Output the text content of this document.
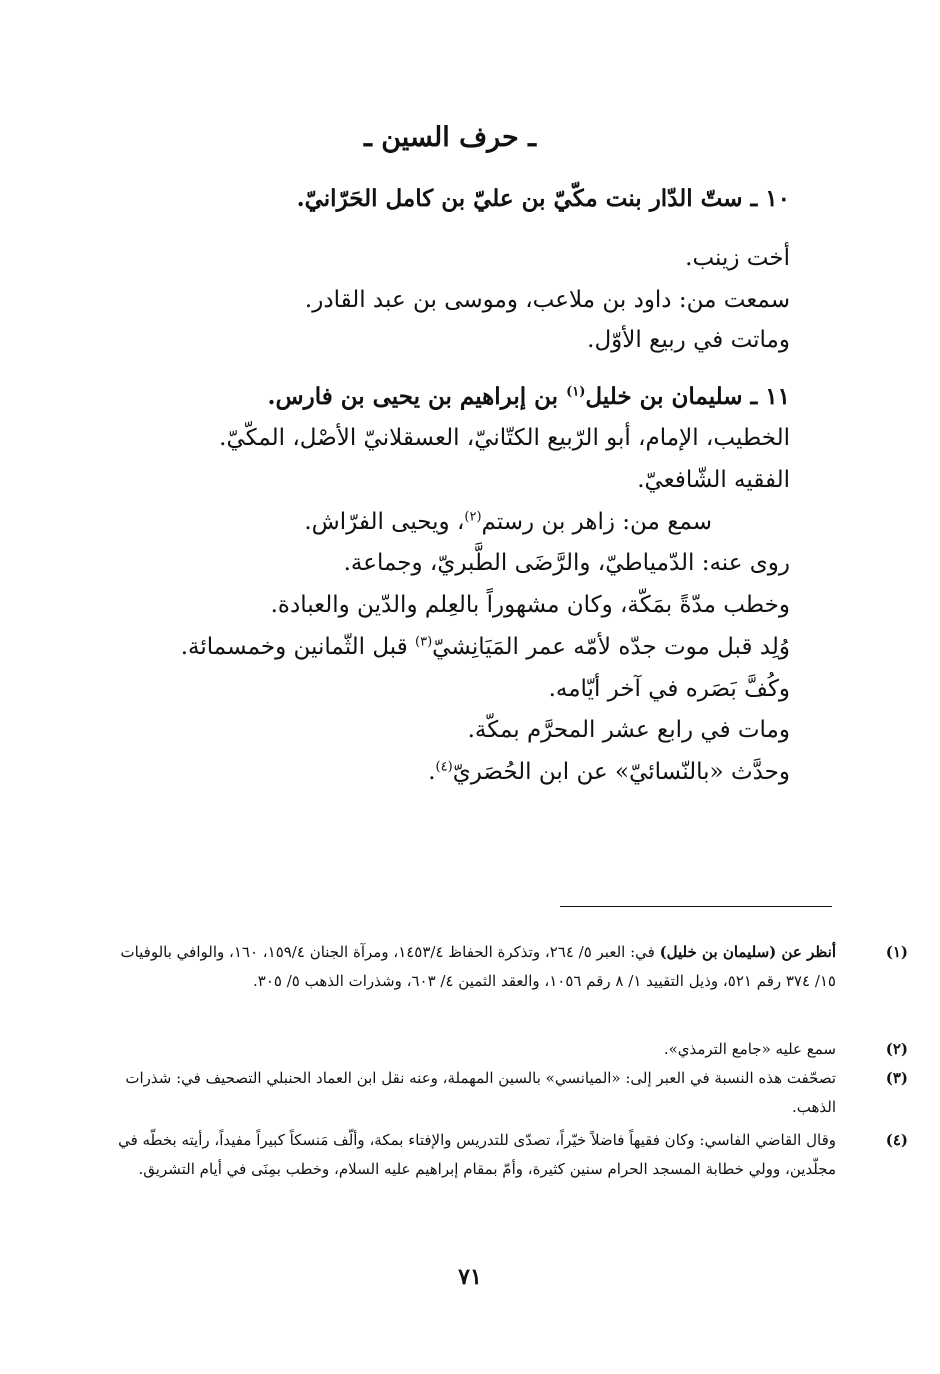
ـ حرف السين ـ
١٠ ـ ستّ الدّار بنت مكّيّ بن عليّ بن كامل الحَرّانيّ.
أخت زينب.
سمعت من: داود بن ملاعب، وموسى بن عبد القادر.
وماتت في ربيع الأوّل.
١١ ـ سليمان بن خليل$^{(١)}$ بن إبراهيم بن يحيى بن فارس.
الخطيب، الإمام، أبو الرّبيع الكتّانيّ، العسقلانيّ الأصْل، المكّيّ.
الفقيه الشّافعيّ.
سمع من: زاهر بن رستم$^{(٢)}$، ويحيى الفرّاش.
روى عنه: الدّمياطيّ، والرَّضَى الطَّبريّ، وجماعة.
وخطب مدّةً بمَكّة، وكان مشهوراً بالعِلم والدّين والعبادة.
وُلِد قبل موت جدّه لأمّه عمر المَيَانِشيّ$^{(٣)}$ قبل الثّمانين وخمسمائة.
وكُفَّ بَصَره في آخر أيّامه.
ومات في رابع عشر المحرَّم بمكّة.
وحدَّث «بالنّسائيّ» عن ابن الحُصَريّ$^{(٤)}$.
(١)
أنظر عن (سليمان بن خليل) في: العبر ٥/ ٢٦٤، وتذكرة الحفاظ ١٤٥٣/٤، ومرآة الجنان ١٥٩/٤، ١٦٠، والوافي بالوفيات ١٥/ ٣٧٤ رقم ٥٢١، وذيل التقييد ١/ ٨ رقم ١٠٥٦، والعقد الثمين ٤/ ٦٠٣، وشذرات الذهب ٥/ ٣٠٥.
(٢)
سمع عليه «جامع الترمذي».
(٣)
تصحّفت هذه النسبة في العبر إلى: «الميانسي» بالسين المهملة، وعنه نقل ابن العماد الحنبلي التصحيف في: شذرات الذهب.
(٤)
وقال القاضي الفاسي: وكان فقيهاً فاضلاً خيّراً، تصدّى للتدريس والإفتاء بمكة، وألّف مَنسكاً كبيراً مفيداً، رأيته بخطّه في مجلّدين، وولي خطابة المسجد الحرام سنين كثيرة، وأمّ بمقام إبراهيم عليه السلام، وخطب بمِنَى في أيام التشريق.
٧١
